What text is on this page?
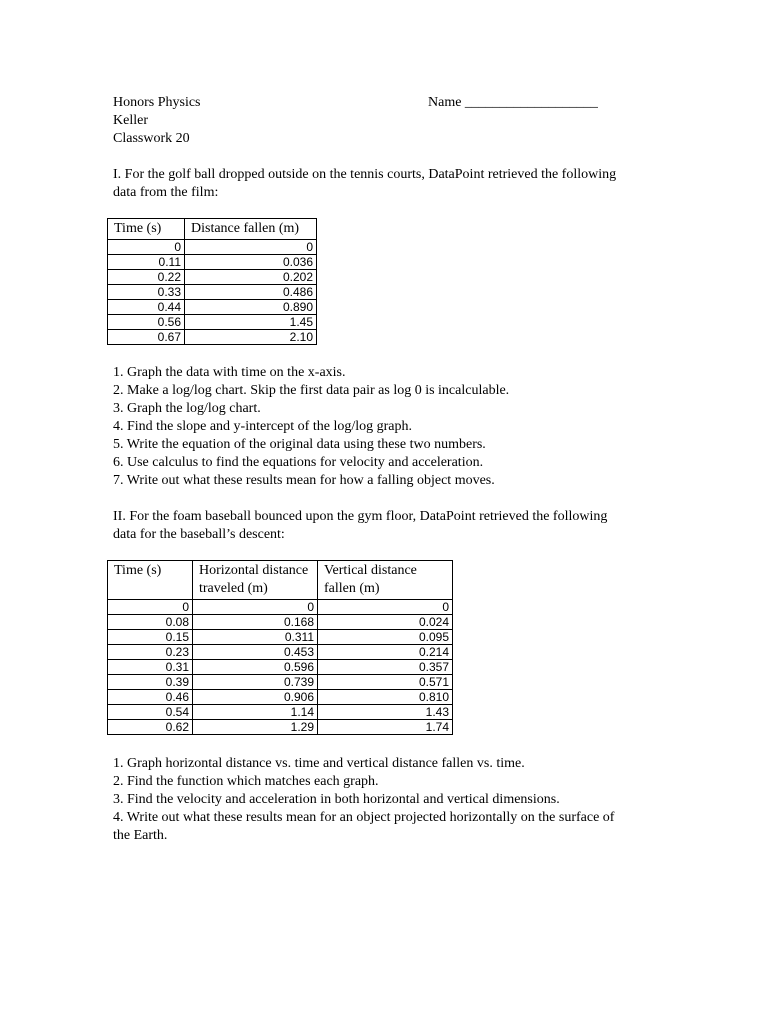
Honors Physics
Keller
Classwork 20
Name ___________________
I. For the golf ball dropped outside on the tennis courts, DataPoint retrieved the following
data from the film:
Time (s)	Distance fallen (m)
0	0
0.11	0.036
0.22	0.202
0.33	0.486
0.44	0.890
0.56	1.45
0.67	2.10
1. Graph the data with time on the x-axis.
2. Make a log/log chart. Skip the first data pair as log 0 is incalculable.
3. Graph the log/log chart.
4. Find the slope and y-intercept of the log/log graph.
5. Write the equation of the original data using these two numbers.
6. Use calculus to find the equations for velocity and acceleration.
7. Write out what these results mean for how a falling object moves.
II. For the foam baseball bounced upon the gym floor, DataPoint retrieved the following
data for the baseball’s descent:
Time (s)	Horizontal distance traveled (m)	Vertical distance fallen (m)
0	0	0
0.08	0.168	0.024
0.15	0.311	0.095
0.23	0.453	0.214
0.31	0.596	0.357
0.39	0.739	0.571
0.46	0.906	0.810
0.54	1.14	1.43
0.62	1.29	1.74
1. Graph horizontal distance vs. time and vertical distance fallen vs. time.
2. Find the function which matches each graph.
3. Find the velocity and acceleration in both horizontal and vertical dimensions.
4. Write out what these results mean for an object projected horizontally on the surface of
the Earth.
